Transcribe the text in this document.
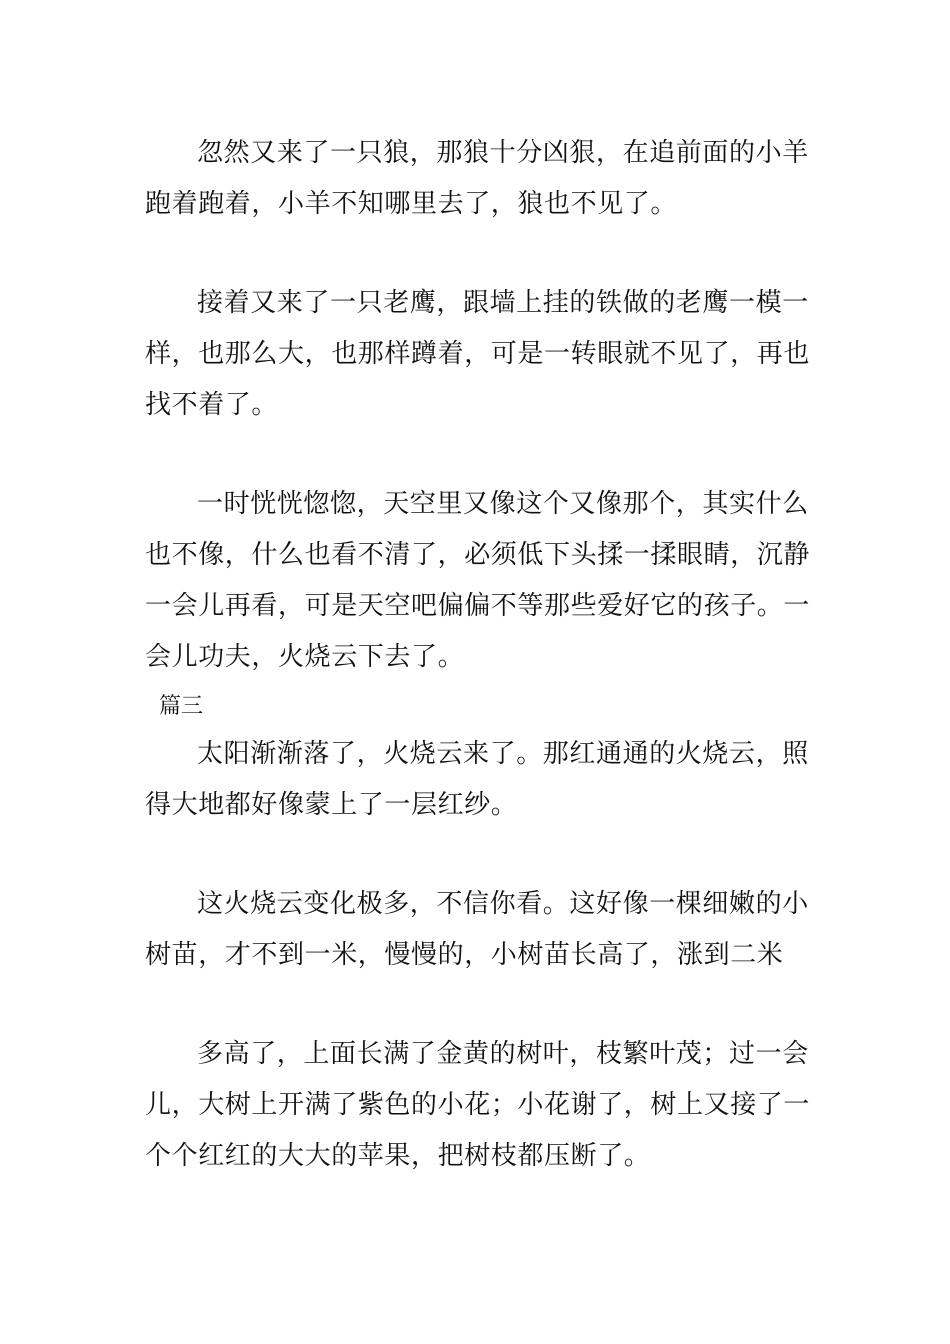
忽然又来了一只狼，那狼十分凶狠，在追前面的小羊跑着跑着，小羊不知哪里去了，狼也不见了。

接着又来了一只老鹰，跟墙上挂的铁做的老鹰一模一样，也那么大，也那样蹲着，可是一转眼就不见了，再也找不着了。

一时恍恍惚惚，天空里又像这个又像那个，其实什么也不像，什么也看不清了，必须低下头揉一揉眼睛，沉静一会儿再看，可是天空吧偏偏不等那些爱好它的孩子。一会儿功夫，火烧云下去了。

篇三

太阳渐渐落了，火烧云来了。那红通通的火烧云，照得大地都好像蒙上了一层红纱。

这火烧云变化极多，不信你看。这好像一棵细嫩的小树苗，才不到一米，慢慢的，小树苗长高了，涨到二米

多高了，上面长满了金黄的树叶，枝繁叶茂；过一会儿，大树上开满了紫色的小花；小花谢了，树上又接了一个个红红的大大的苹果，把树枝都压断了。
